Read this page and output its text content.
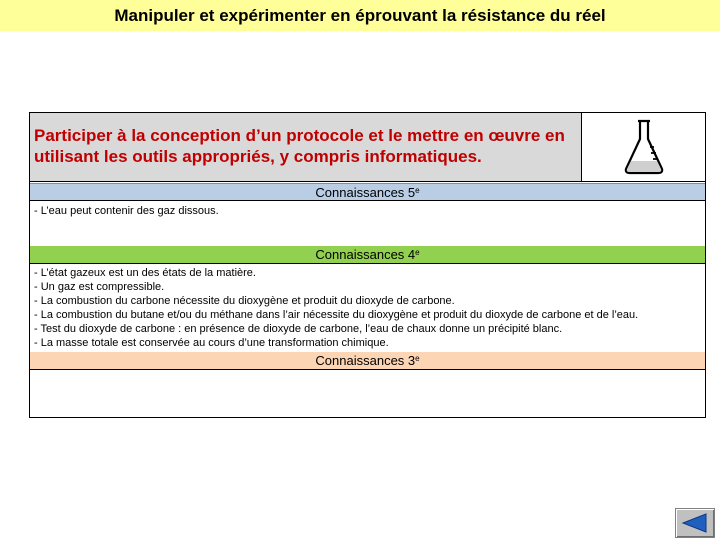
Manipuler et expérimenter en éprouvant la résistance du réel
Participer à la conception d’un protocole et le mettre en œuvre en utilisant les outils appropriés, y compris informatiques.
Connaissances 5e
- L’eau peut contenir des gaz dissous.
Connaissances 4e
- L’état gazeux est un des états de la matière.
- Un gaz est compressible.
- La combustion du carbone nécessite du dioxygène et produit du dioxyde de carbone.
- La combustion du butane et/ou du méthane dans l’air nécessite du dioxygène et produit du dioxyde de carbone et de l’eau.
- Test du dioxyde de carbone : en présence de dioxyde de carbone, l’eau de chaux donne un précipité blanc.
- La masse totale est conservée au cours d’une transformation chimique.
Connaissances 3e
